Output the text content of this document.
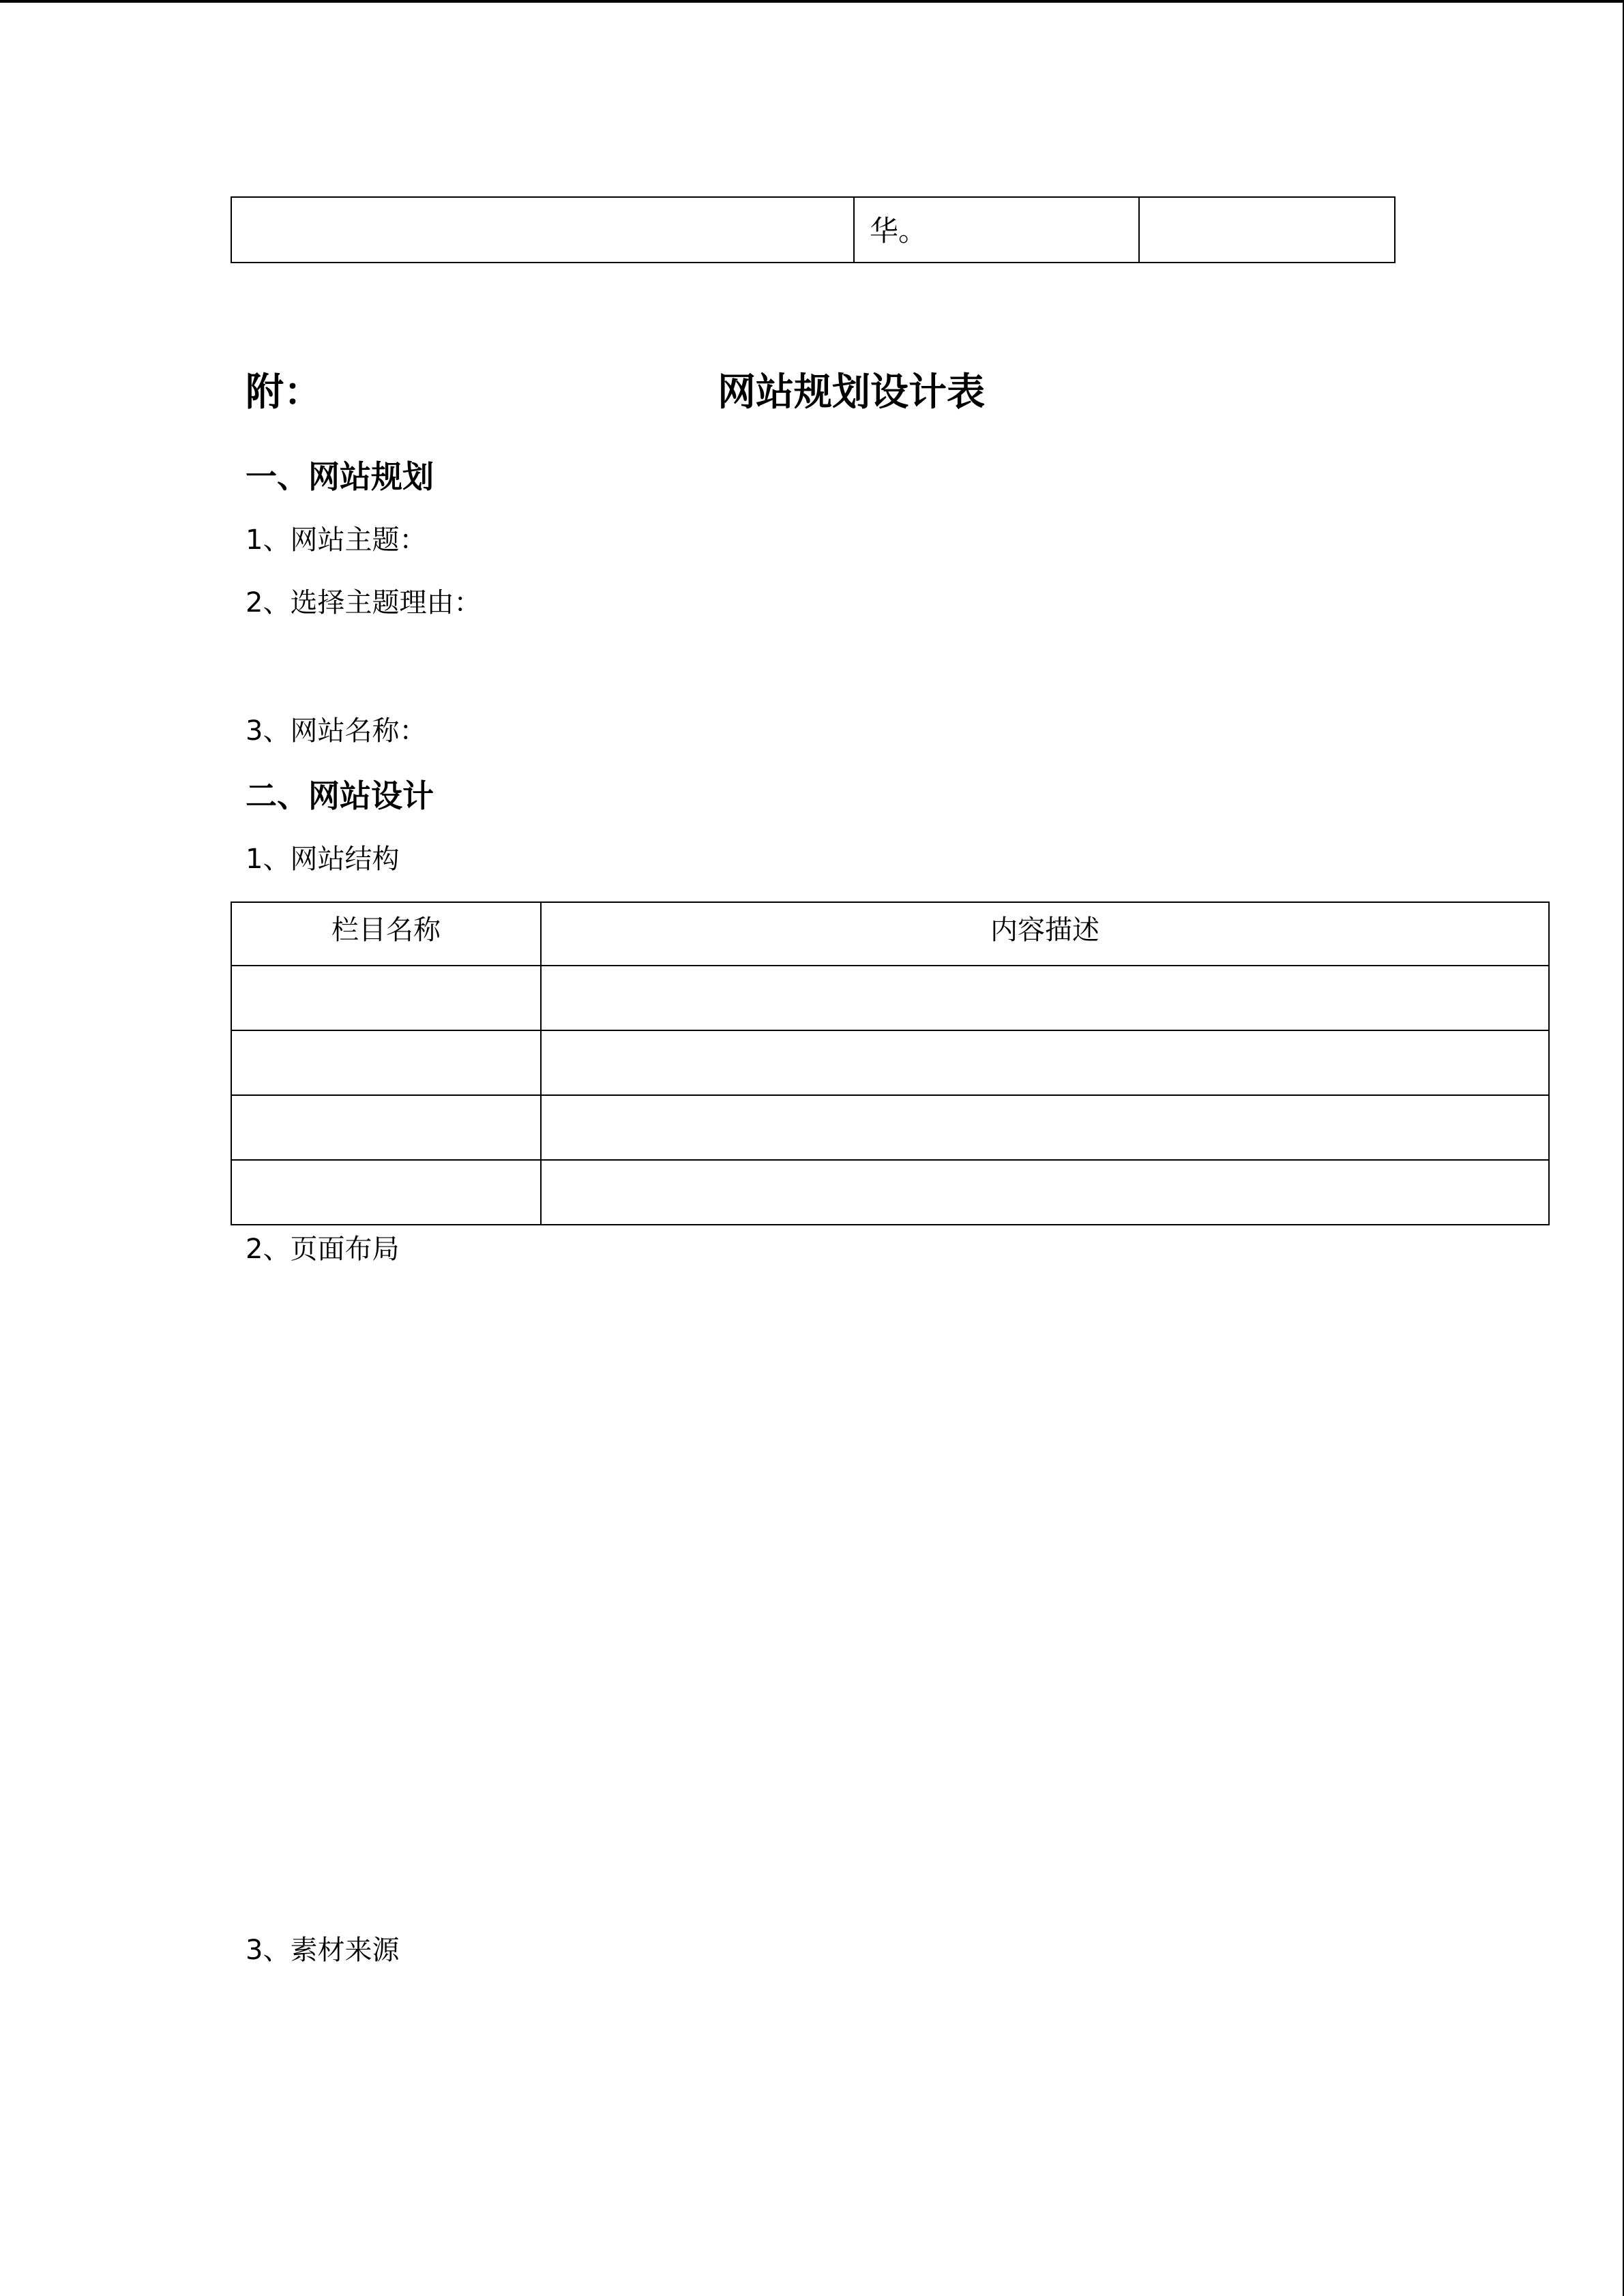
	华。	
附：	网站规划设计表
一、网站规划
1、网站主题：
2、选择主题理由：
3、网站名称：
二、网站设计
1、网站结构
栏目名称	内容描述

2、页面布局
3、素材来源
